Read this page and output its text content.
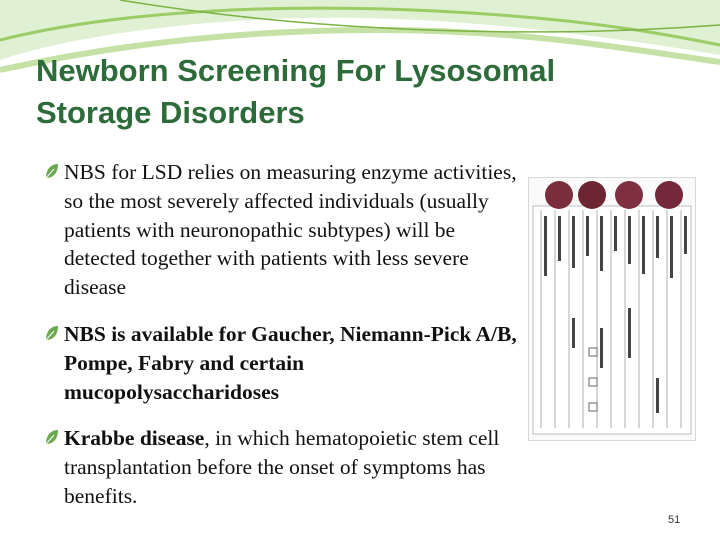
Newborn Screening For Lysosomal
Storage Disorders
NBS for LSD relies on measuring enzyme activities, so the most severely affected individuals (usually patients with neuronopathic subtypes) will be detected together with patients with less severe disease
NBS is available for Gaucher, Niemann-Pick A/B, Pompe, Fabry and certain mucopolysaccharidoses
Krabbe disease, in which hematopoietic stem cell transplantation before the onset of symptoms has benefits.
51
